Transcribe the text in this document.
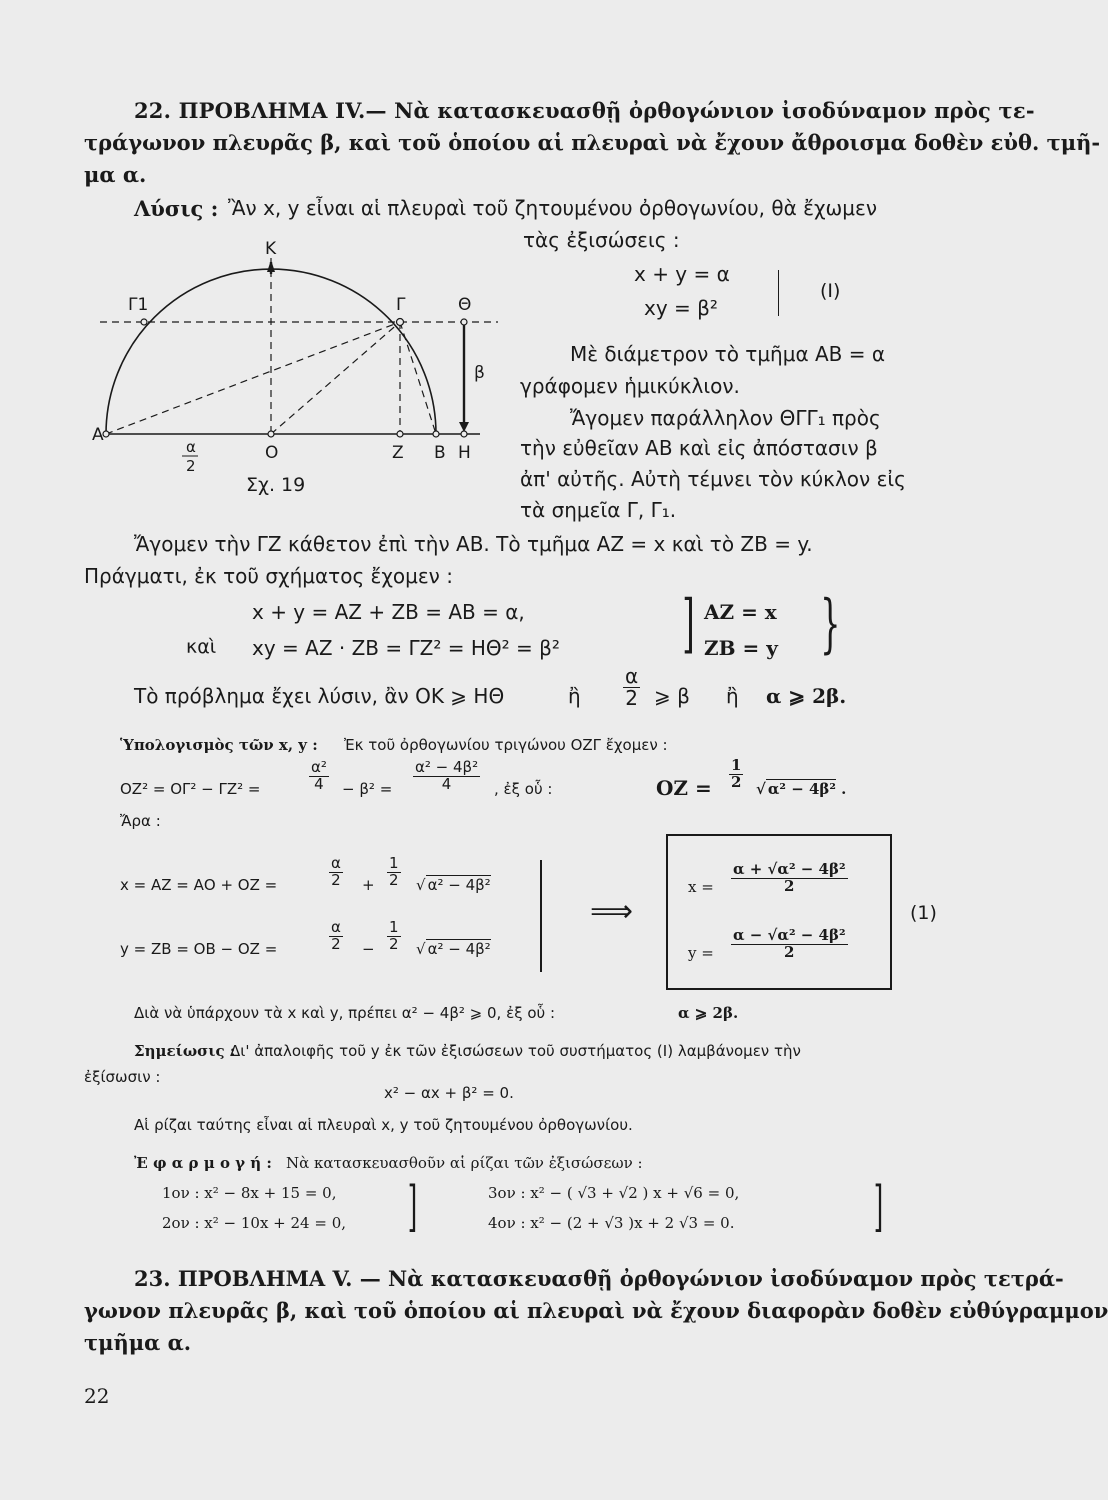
22. ΠΡΟΒΛΗΜΑ IV.— Νὰ κατασκευασθῇ ὀρθογώνιον ἰσοδύναμον πρὸς τε-
τράγωνον πλευρᾶς β, καὶ τοῦ ὁποίου αἱ πλευραὶ νὰ ἔχουν ἄθροισμα δοθὲν εὐθ. τμῆ-
μα α.
Λύσις : Ἂν x, y εἶναι αἱ πλευραὶ τοῦ ζητουμένου ὀρθογωνίου, θὰ ἔχωμεν
τὰς ἐξισώσεις :
x + y = α
xy = β²
(I)
K
Γ1	Γ	Θ
β
Α
Ο	Ζ Β Η
α
2
Σχ. 19
Μὲ διάμετρον τὸ τμῆμα ΑΒ = α
γράφομεν ἡμικύκλιον.
Ἄγομεν παράλληλον ΘΓΓ₁ πρὸς
τὴν εὐθεῖαν ΑΒ καὶ εἰς ἀπόστασιν β
ἀπ' αὐτῆς. Αὐτὴ τέμνει τὸν κύκλον εἰς
τὰ σημεῖα Γ, Γ₁.
Ἄγομεν τὴν ΓΖ κάθετον ἐπὶ τὴν ΑΒ. Τὸ τμῆμα ΑΖ = x καὶ τὸ ΖΒ = y.
Πράγματι, ἐκ τοῦ σχήματος ἔχομεν :
x + y = ΑΖ + ΖΒ = ΑΒ = α,
καὶ xy = ΑΖ · ΖΒ = ΓΖ² = ΗΘ² = β² ] ΑΖ = x
ΖΒ = y }
Τὸ πρόβλημα ἔχει λύσιν, ἂν ΟΚ ⩾ ΗΘ	ἢ $\frac{\alpha}{2}$ ⩾ β ἢ α ⩾ 2β.
Ὑπολογισμὸς τῶν x, y : Ἐκ τοῦ ὀρθογωνίου τριγώνου ΟΖΓ ἔχομεν :
ΟΖ² = ΟΓ² − ΓΖ² =	$\frac{\text{α²}}{4} - \beta^2 = \frac{\text{α² − 4β²}}{4}$ , ἐξ οὗ :	$OZ = \frac{1}{2}$ √ α² − 4β² .
Ἄρα :
x = ΑΖ = ΑΟ + ΟΖ =	$\frac{\alpha}{2} + \frac{1}{2}$ √ α² − 4β²
y = ΖΒ = ΟΒ − ΟΖ =	$\frac{\alpha}{2} - \frac{1}{2}$ √ α² − 4β²
⟹
$x = \frac{\text{α + √α² − 4β²}}{2}$
$y = \frac{\text{α − √α² − 4β²}}{2}$
(1)
Διὰ νὰ ὑπάρχουν τὰ x καὶ y, πρέπει α² − 4β² ⩾ 0, ἐξ οὗ :	α ⩾ 2β.
Σημείωσις :
Δι' ἀπαλοιφῆς τοῦ y ἐκ τῶν ἐξισώσεων τοῦ συστήματος (I) λαμβάνομεν τὴν
ἐξίσωσιν :
x² − αx + β² = 0.
Αἱ ρίζαι ταύτης εἶναι αἱ πλευραὶ x, y τοῦ ζητουμένου ὀρθογωνίου.
Ἐ φ α ρ μ ο γ ή : Νὰ κατασκευασθοῦν αἱ ρίζαι τῶν ἐξισώσεων :
1ον : x² − 8x + 15 = 0,
2ον : x² − 10x + 24 = 0, ]	3ον : x² − ( √3 + √2 ) x + √6 = 0,
4ον : x² − (2 + √3 )x + 2 √3 = 0.	]
23. ΠΡΟΒΛΗΜΑ V. — Νὰ κατασκευασθῇ ὀρθογώνιον ἰσοδύναμον πρὸς τετρά-
γωνον πλευρᾶς β, καὶ τοῦ ὁποίου αἱ πλευραὶ νὰ ἔχουν διαφορὰν δοθὲν εὐθύγραμμον
τμῆμα α.
22
